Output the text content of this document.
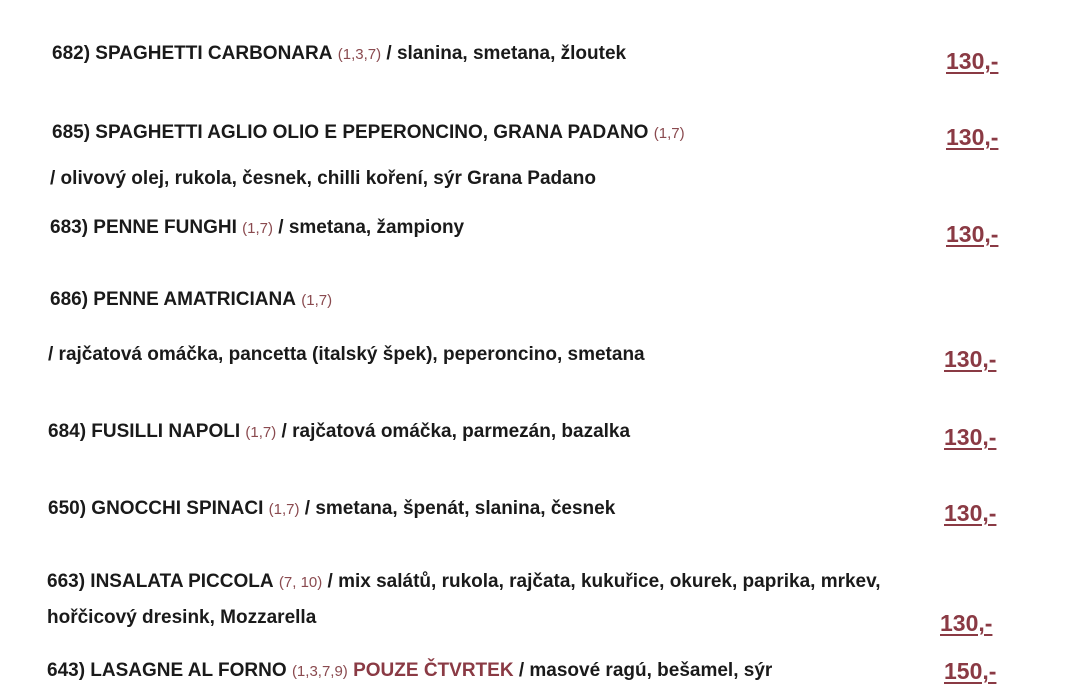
682) SPAGHETTI CARBONARA (1,3,7) / slanina, smetana, žloutek	130,-
685) SPAGHETTI AGLIO OLIO E PEPERONCINO, GRANA PADANO (1,7)	130,-
/ olivový olej, rukola, česnek, chilli koření, sýr Grana Padano
683) PENNE FUNGHI (1,7) / smetana, žampiony	130,-
686) PENNE AMATRICIANA (1,7)
/ rajčatová omáčka, pancetta (italský špek), peperoncino, smetana	130,-
684) FUSILLI NAPOLI (1,7) / rajčatová omáčka, parmezán, bazalka	130,-
650) GNOCCHI SPINACI (1,7) / smetana, špenát, slanina, česnek	130,-
663) INSALATA PICCOLA (7, 10) / mix salátů, rukola, rajčata, kukuřice, okurek, paprika, mrkev,
hořčicový dresink, Mozzarella	130,-
643) LASAGNE AL FORNO (1,3,7,9) POUZE ČTVRTEK / masové ragú, bešamel, sýr	150,-
